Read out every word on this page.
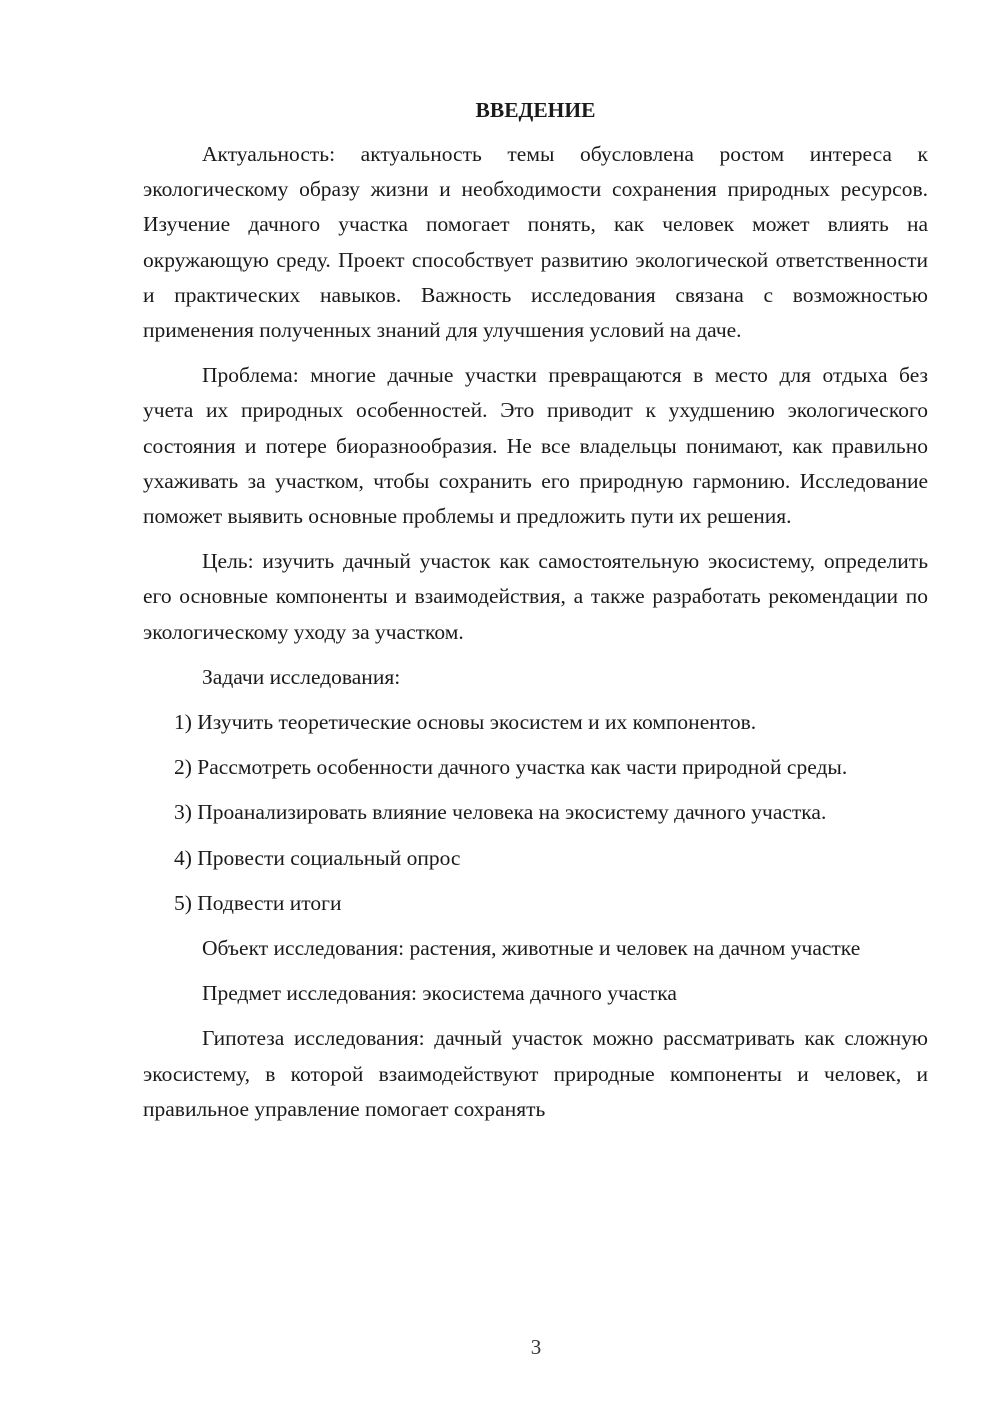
ВВЕДЕНИЕ

Актуальность: актуальность темы обусловлена ростом интереса к экологическому образу жизни и необходимости сохранения природных ресурсов. Изучение дачного участка помогает понять, как человек может влиять на окружающую среду. Проект способствует развитию экологической ответственности и практических навыков. Важность исследования связана с возможностью применения полученных знаний для улучшения условий на даче.

Проблема: многие дачные участки превращаются в место для отдыха без учета их природных особенностей. Это приводит к ухудшению экологического состояния и потере биоразнообразия. Не все владельцы понимают, как правильно ухаживать за участком, чтобы сохранить его природную гармонию. Исследование поможет выявить основные проблемы и предложить пути их решения.

Цель: изучить дачный участок как самостоятельную экосистему, определить его основные компоненты и взаимодействия, а также разработать рекомендации по экологическому уходу за участком.

Задачи исследования:

1) Изучить теоретические основы экосистем и их компонентов.

2) Рассмотреть особенности дачного участка как части природной среды.

3) Проанализировать влияние человека на экосистему дачного участка.

4) Провести социальный опрос

5) Подвести итоги

Объект исследования: растения, животные и человек на дачном участке

Предмет исследования: экосистема дачного участка

Гипотеза исследования: дачный участок можно рассматривать как сложную экосистему, в которой взаимодействуют природные компоненты и человек, и правильное управление помогает сохранять

3
